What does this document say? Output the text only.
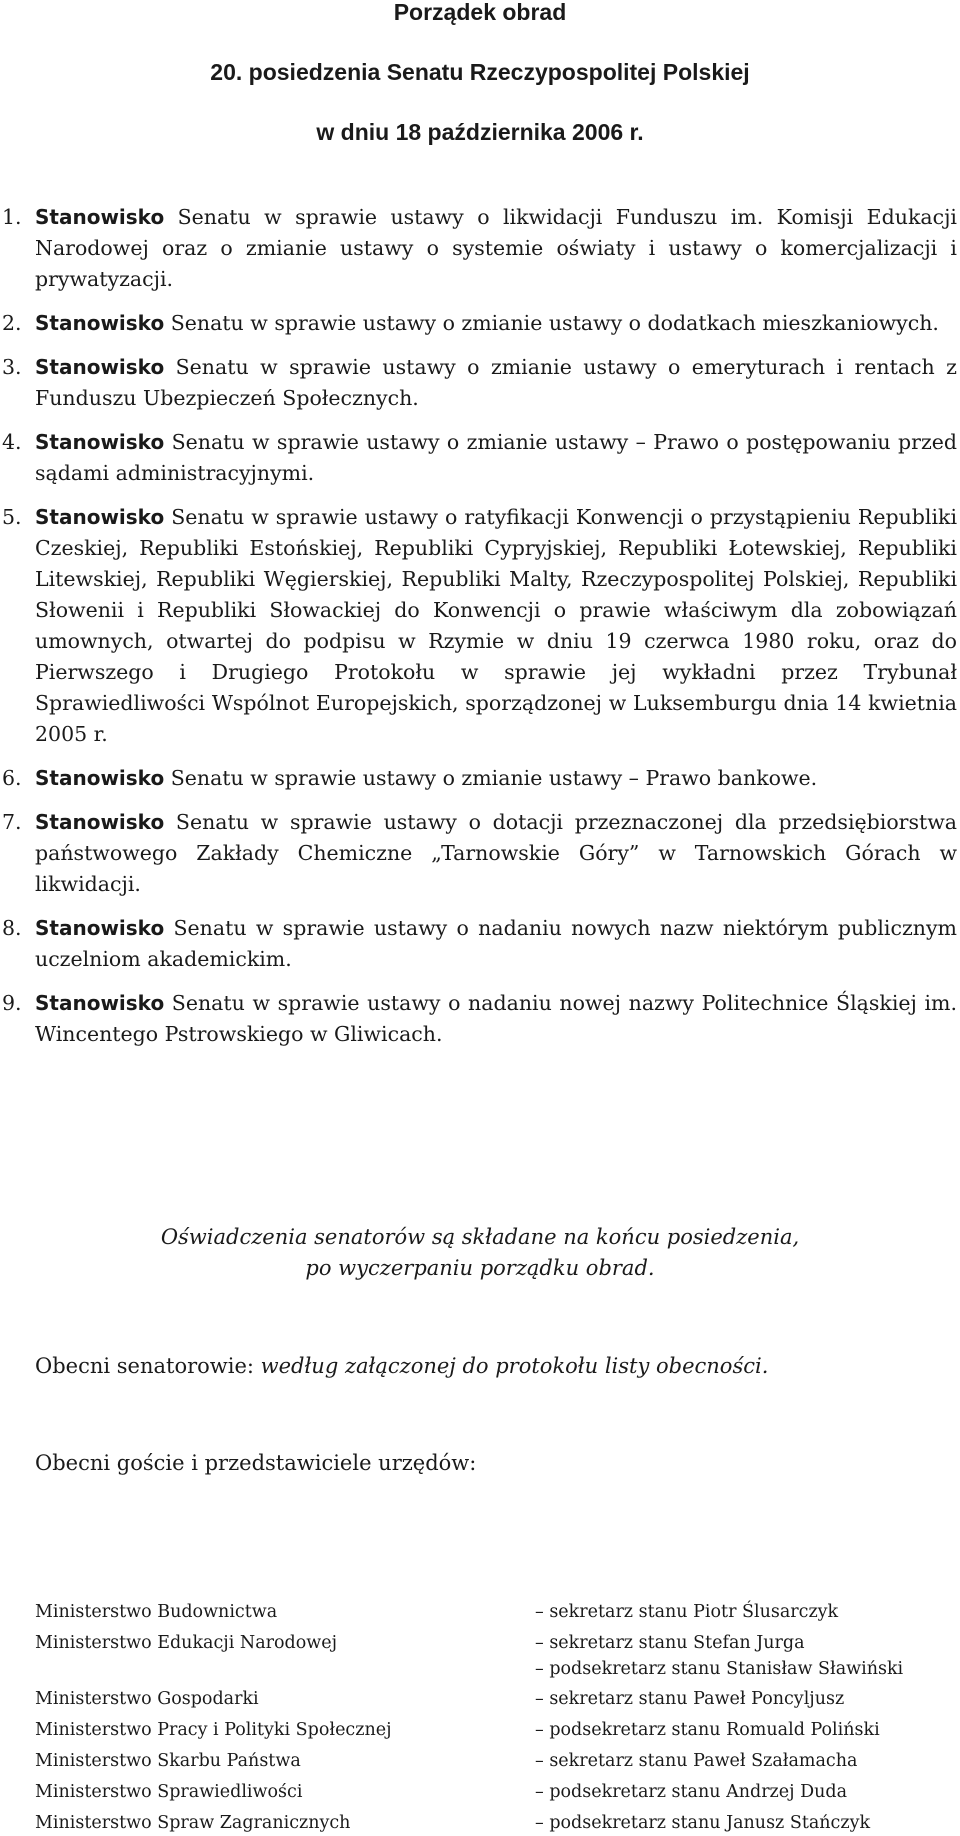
Porządek obrad
20. posiedzenia Senatu Rzeczypospolitej Polskiej
w dniu 18 października 2006 r.
1. Stanowisko Senatu w sprawie ustawy o likwidacji Funduszu im. Komisji Edukacji Narodowej oraz o zmianie ustawy o systemie oświaty i ustawy o komercjalizacji i prywatyzacji.
2. Stanowisko Senatu w sprawie ustawy o zmianie ustawy o dodatkach mieszkaniowych.
3. Stanowisko Senatu w sprawie ustawy o zmianie ustawy o emeryturach i rentach z Funduszu Ubezpieczeń Społecznych.
4. Stanowisko Senatu w sprawie ustawy o zmianie ustawy – Prawo o postępowaniu przed sądami administracyjnymi.
5. Stanowisko Senatu w sprawie ustawy o ratyfikacji Konwencji o przystąpieniu Republiki Czeskiej, Republiki Estońskiej, Republiki Cypryjskiej, Republiki Łotewskiej, Republiki Litewskiej, Republiki Węgierskiej, Republiki Malty, Rzeczypospolitej Polskiej, Republiki Słowenii i Republiki Słowackiej do Konwencji o prawie właściwym dla zobowiązań umownych, otwartej do podpisu w Rzymie w dniu 19 czerwca 1980 roku, oraz do Pierwszego i Drugiego Protokołu w sprawie jej wykładni przez Trybunał Sprawiedliwości Wspólnot Europejskich, sporządzonej w Luksemburgu dnia 14 kwietnia 2005 r.
6. Stanowisko Senatu w sprawie ustawy o zmianie ustawy – Prawo bankowe.
7. Stanowisko Senatu w sprawie ustawy o dotacji przeznaczonej dla przedsiębiorstwa państwowego Zakłady Chemiczne „Tarnowskie Góry” w Tarnowskich Górach w likwidacji.
8. Stanowisko Senatu w sprawie ustawy o nadaniu nowych nazw niektórym publicznym uczelniom akademickim.
9. Stanowisko Senatu w sprawie ustawy o nadaniu nowej nazwy Politechnice Śląskiej im. Wincentego Pstrowskiego w Gliwicach.

Oświadczenia senatorów są składane na końcu posiedzenia,
po wyczerpaniu porządku obrad.

Obecni senatorowie: według załączonej do protokołu listy obecności.

Obecni goście i przedstawiciele urzędów:

Ministerstwo Budownictwa	– sekretarz stanu Piotr Ślusarczyk
Ministerstwo Edukacji Narodowej	– sekretarz stanu Stefan Jurga
– podsekretarz stanu Stanisław Sławiński
Ministerstwo Gospodarki	– sekretarz stanu Paweł Poncyljusz
Ministerstwo Pracy i Polityki Społecznej	– podsekretarz stanu Romuald Poliński
Ministerstwo Skarbu Państwa	– sekretarz stanu Paweł Szałamacha
Ministerstwo Sprawiedliwości	– podsekretarz stanu Andrzej Duda
Ministerstwo Spraw Zagranicznych	– podsekretarz stanu Janusz Stańczyk
